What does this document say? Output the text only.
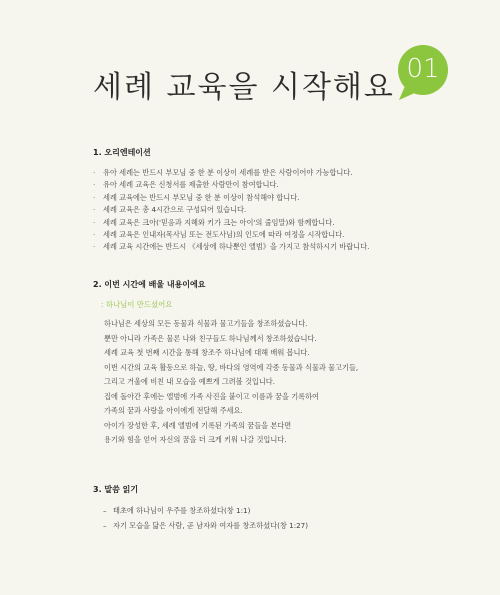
세례 교육을 시작해요
01

1. 오리엔테이션

· 유아 세례는 반드시 부모님 중 한 분 이상이 세례를 받은 사람이어야 가능합니다.
· 유아 세례 교육은 신청서를 제출한 사람만이 참여합니다.
· 세례 교육에는 반드시 부모님 중 한 분 이상이 참석해야 합니다.
· 세례 교육은 총 4시간으로 구성되어 있습니다.
· 세례 교육은 크아('믿음과 지혜와 키가 크는 아이'의 줄임말)와 함께합니다.
· 세례 교육은 인내자(목사님 또는 전도사님)의 인도에 따라 여정을 시작합니다.
· 세례 교육 시간에는 반드시 《세상에 하나뿐인 앨범》을 가지고 참석하시기 바랍니다.

2. 이번 시간에 배울 내용이에요

: 하나님이 만드셨어요

하나님은 세상의 모든 동물과 식물과 물고기들을 창조하셨습니다.
뿐만 아니라 가족은 물론 나와 친구들도 하나님께서 창조하셨습니다.
세례 교육 첫 번째 시간을 통해 창조주 하나님에 대해 배워 봅니다.
이번 시간의 교육 활동으로 하늘, 땅, 바다의 영역에 각종 동물과 식물과 물고기들,
그리고 거울에 비친 내 모습을 예쁘게 그려볼 것입니다.
집에 돌아간 후에는 앨범에 가족 사진을 붙이고 이름과 꿈을 기록하여
가족의 꿈과 사랑을 아이에게 전달해 주세요.
아이가 장성한 후, 세례 앨범에 기록된 가족의 꿈들을 본다면
용기와 힘을 얻어 자신의 꿈을 더 크게 키워 나갈 것입니다.

3. 말씀 읽기

– 태초에 하나님이 우주를 창조하셨다(창 1:1)
– 자기 모습을 닮은 사람, 곧 남자와 여자를 창조하셨다(창 1:27)
